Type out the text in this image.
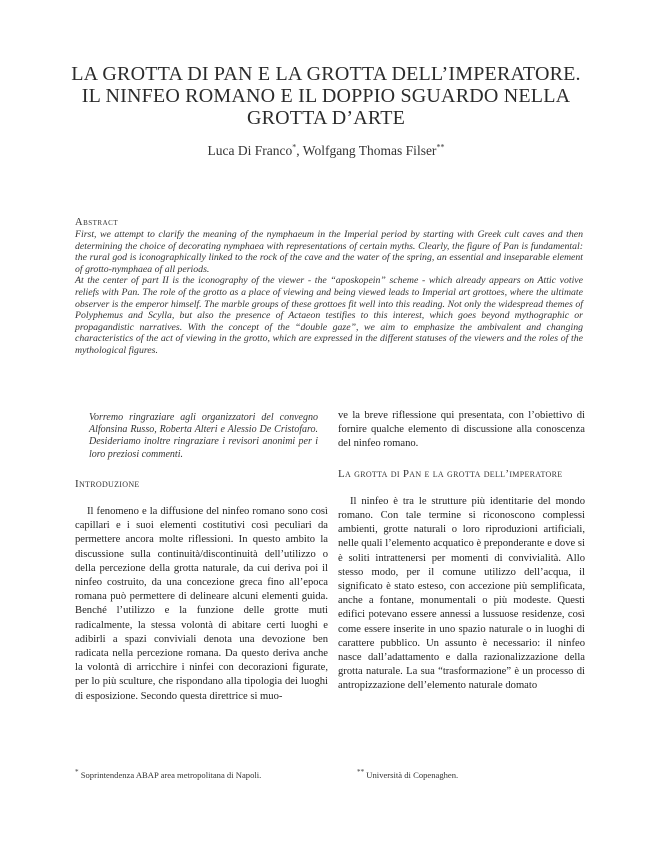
LA GROTTA DI PAN E LA GROTTA DELL’IMPERATORE.
IL NINFEO ROMANO E IL DOPPIO SGUARDO NELLA
GROTTA D’ARTE
Luca Di Franco*, Wolfgang Thomas Filser**
Abstract

First, we attempt to clarify the meaning of the nymphaeum in the Imperial period by starting with Greek cult caves and then determining the choice of decorating nymphaea with representations of certain myths. Clearly, the figure of Pan is fundamental: the rural god is iconographically linked to the rock of the cave and the water of the spring, an essential and inseparable element of grotto-nymphaea of all periods.

At the center of part II is the iconography of the viewer - the “aposkopein” scheme - which already appears on Attic votive reliefs with Pan. The role of the grotto as a place of viewing and being viewed leads to Imperial art grottoes, where the ultimate observer is the emperor himself. The marble groups of these grottoes fit well into this reading. Not only the widespread themes of Polyphemus and Scylla, but also the presence of Actaeon testifies to this interest, which goes beyond mythographic or propagandistic narratives. With the concept of the “double gaze”, we aim to emphasize the ambivalent and changing characteristics of the act of viewing in the grotto, which are expressed in the different statuses of the viewers and the roles of the mythological figures.

Vorremo ringraziare agli organizzatori del convegno Alfonsina Russo, Roberta Alteri e Alessio De Cristofaro. Desideriamo inoltre ringraziare i revisori anonimi per i loro preziosi commenti.

Introduzione

Il fenomeno e la diffusione del ninfeo romano sono così capillari e i suoi elementi costitutivi così peculiari da permettere ancora molte riflessioni. In questo ambito la discussione sulla continuità/discontinuità dell’utilizzo o della percezione della grotta naturale, da cui deriva poi il ninfeo costruito, da una concezione greca fino all’epoca romana può permettere di delineare alcuni elementi guida. Benché l’utilizzo e la funzione delle grotte muti radicalmente, la stessa volontà di abitare certi luoghi e adibirli a spazi conviviali denota una devozione ben radicata nella percezione romana. Da questo deriva anche la volontà di arricchire i ninfei con decorazioni figurate, per lo più sculture, che rispondano alla tipologia dei luoghi di esposizione. Secondo questa direttrice si muo-

ve la breve riflessione qui presentata, con l’obiettivo di fornire qualche elemento di discussione alla conoscenza del ninfeo romano.

La grotta di Pan e la grotta dell’imperatore

Il ninfeo è tra le strutture più identitarie del mondo romano. Con tale termine si riconoscono complessi ambienti, grotte naturali o loro riproduzioni artificiali, nelle quali l’elemento acquatico è preponderante e dove si è soliti intrattenersi per momenti di convivialità. Allo stesso modo, per il comune utilizzo dell’acqua, il significato è stato esteso, con accezione più semplificata, anche a fontane, monumentali o più modeste. Questi edifici potevano essere annessi a lussuose residenze, così come essere inserite in uno spazio naturale o in luoghi di carattere pubblico. Un assunto è necessario: il ninfeo nasce dall’adattamento e dalla razionalizzazione della grotta naturale. La sua “trasformazione” è un processo di antropizzazione dell’elemento naturale domato

* Soprintendenza ABAP area metropolitana di Napoli.	** Università di Copenaghen.
